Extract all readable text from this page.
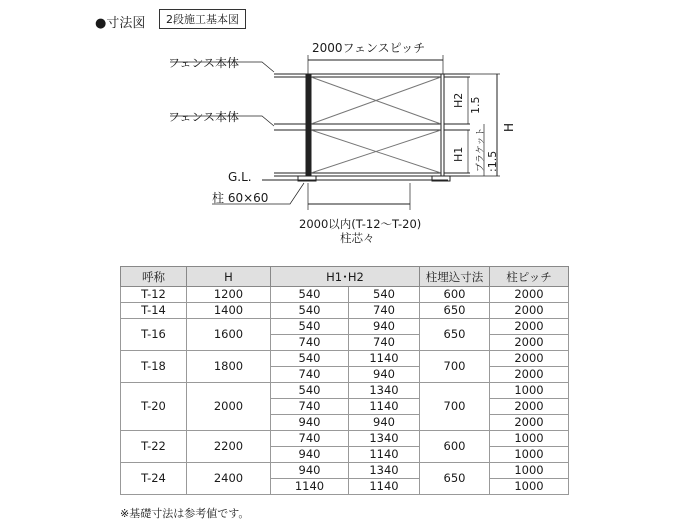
●寸法図	2段施工基本図
フェンス本体
フェンス本体
2000フェンスピッチ
G.L.
柱 60×60
2000以内(T-12～T-20)
柱芯々
H2
H1
1.5
ブラケット :1.5
H
呼称	H	H1･H2		柱埋込寸法	柱ピッチ
T-12	1200	540	540	600	2000
T-14	1400	540	740	650	2000
T-16	1600	540	940	650	2000
		740	740		2000
T-18	1800	540	1140	700	2000
		740	940		2000
T-20	2000	540	1340	700	1000
		740	1140		2000
		940	940		2000
T-22	2200	740	1340	600	1000
		940	1140		1000
T-24	2400	940	1340	650	1000
		1140	1140		1000
※基礎寸法は参考値です。
